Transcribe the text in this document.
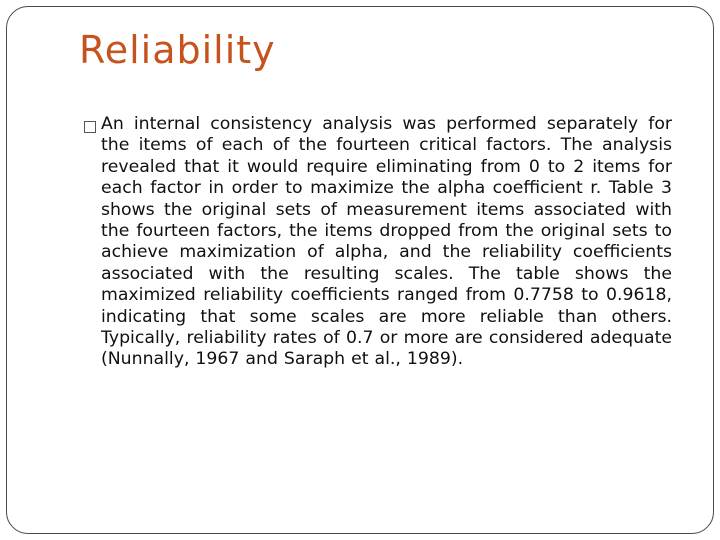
Reliability

An internal consistency analysis was performed separately for the items of each of the fourteen critical factors. The analysis revealed that it would require eliminating from 0 to 2 items for each factor in order to maximize the alpha coefficient r. Table 3 shows the original sets of measurement items associated with the fourteen factors, the items dropped from the original sets to achieve maximization of alpha, and the reliability coefficients associated with the resulting scales. The table shows the maximized reliability coefficients ranged from 0.7758 to 0.9618, indicating that some scales are more reliable than others. Typically, reliability rates of 0.7 or more are considered adequate (Nunnally, 1967 and Saraph et al., 1989).
